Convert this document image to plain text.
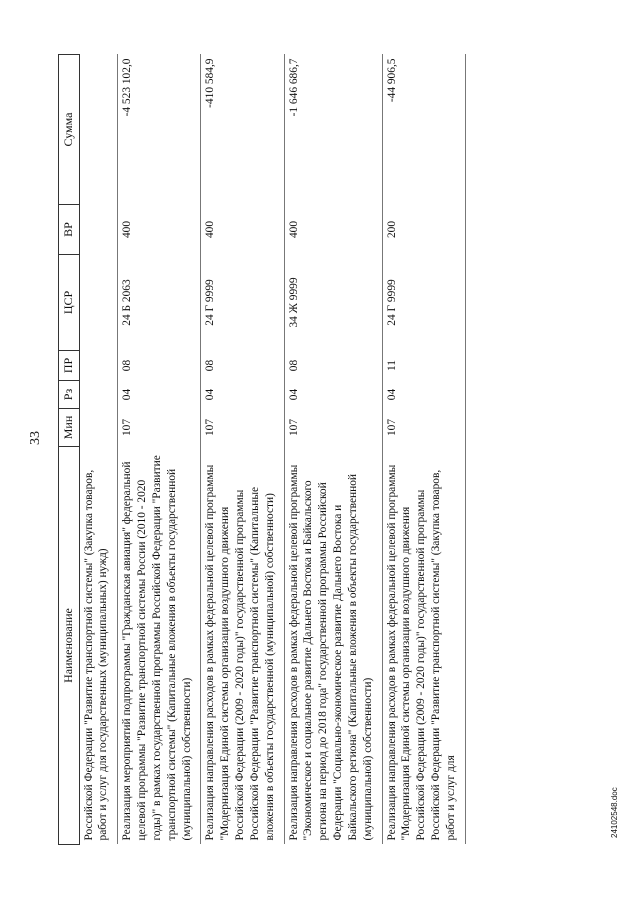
33
Наименование	Мин	Рз	ПР	ЦСР	ВР	Сумма
Российской Федерации "Развитие транспортной системы" (Закупка товаров, работ и услуг для государственных (муниципальных) нужд)						
Реализация мероприятий подпрограммы "Гражданская авиация" федеральной целевой программы "Развитие транспортной системы России (2010 - 2020 годы)" в рамках государственной программы Российской Федерации "Развитие транспортной системы" (Капитальные вложения в объекты государственной (муниципальной) собственности)	107	04	08	24 Б 2063	400	-4 523 102,0
Реализация направления расходов в рамках федеральной целевой программы "Модернизация Единой системы организации воздушного движения Российской Федерации (2009 - 2020 годы)" государственной программы Российской Федерации "Развитие транспортной системы" (Капитальные вложения в объекты государственной (муниципальной) собственности)	107	04	08	24 Г 9999	400	-410 584,9
Реализация направления расходов в рамках федеральной целевой программы "Экономическое и социальное развитие Дальнего Востока и Байкальского региона на период до 2018 года" государственной программы Российской Федерации "Социально-экономическое развитие Дальнего Востока и Байкальского региона" (Капитальные вложения в объекты государственной (муниципальной) собственности)	107	04	08	34 Ж 9999	400	-1 646 686,7
Реализация направления расходов в рамках федеральной целевой программы "Модернизация Единой системы организации воздушного движения Российской Федерации (2009 - 2020 годы)" государственной программы Российской Федерации "Развитие транспортной системы" (Закупка товаров, работ и услуг для	107	04	11	24 Г 9999	200	-44 906,5
24102548.doc
